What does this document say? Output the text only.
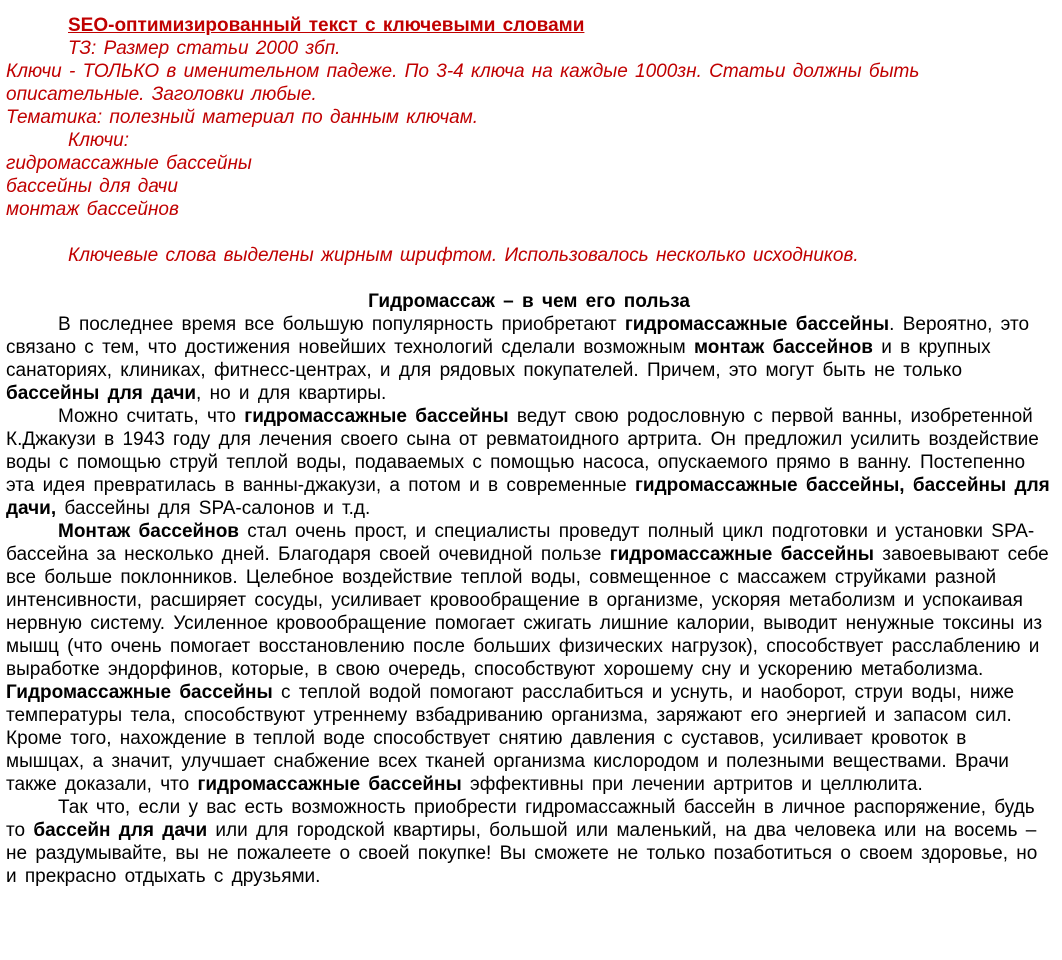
SEO-оптимизированный текст с ключевыми словами
ТЗ: Размер статьи 2000 збп.
Ключи - ТОЛЬКО в именительном падеже. По 3-4 ключа на каждые 1000зн. Статьи должны быть описательные. Заголовки любые.
Тематика: полезный материал по данным ключам.
Ключи:
гидромассажные бассейны
бассейны для дачи
монтаж бассейнов
Ключевые слова выделены жирным шрифтом. Использовалось несколько исходников.
Гидромассаж – в чем его польза
В последнее время все большую популярность приобретают гидромассажные бассейны. Вероятно, это связано с тем, что достижения новейших технологий сделали возможным монтаж бассейнов и в крупных санаториях, клиниках, фитнесс-центрах, и для рядовых покупателей. Причем, это могут быть не только бассейны для дачи, но и для квартиры.
Можно считать, что гидромассажные бассейны ведут свою родословную с первой ванны, изобретенной К.Джакузи в 1943 году для лечения своего сына от ревматоидного артрита. Он предложил усилить воздействие воды с помощью струй теплой воды, подаваемых с помощью насоса, опускаемого прямо в ванну. Постепенно эта идея превратилась в ванны-джакузи, а потом и в современные гидромассажные бассейны, бассейны для дачи, бассейны для SPA-салонов и т.д.
Монтаж бассейнов стал очень прост, и специалисты проведут полный цикл подготовки и установки SPA-бассейна за несколько дней. Благодаря своей очевидной пользе гидромассажные бассейны завоевывают себе все больше поклонников. Целебное воздействие теплой воды, совмещенное с массажем струйками разной интенсивности, расширяет сосуды, усиливает кровообращение в организме, ускоряя метаболизм и успокаивая нервную систему. Усиленное кровообращение помогает сжигать лишние калории, выводит ненужные токсины из мышц (что очень помогает восстановлению после больших физических нагрузок), способствует расслаблению и выработке эндорфинов, которые, в свою очередь, способствуют хорошему сну и ускорению метаболизма. Гидромассажные бассейны с теплой водой помогают расслабиться и уснуть, и наоборот, струи воды, ниже температуры тела, способствуют утреннему взбадриванию организма, заряжают его энергией и запасом сил. Кроме того, нахождение в теплой воде способствует снятию давления с суставов, усиливает кровоток в мышцах, а значит, улучшает снабжение всех тканей организма кислородом и полезными веществами. Врачи также доказали, что гидромассажные бассейны эффективны при лечении артритов и целлюлита.
Так что, если у вас есть возможность приобрести гидромассажный бассейн в личное распоряжение, будь то бассейн для дачи или для городской квартиры, большой или маленький, на два человека или на восемь – не раздумывайте, вы не пожалеете о своей покупке! Вы сможете не только позаботиться о своем здоровье, но и прекрасно отдыхать с друзьями.
